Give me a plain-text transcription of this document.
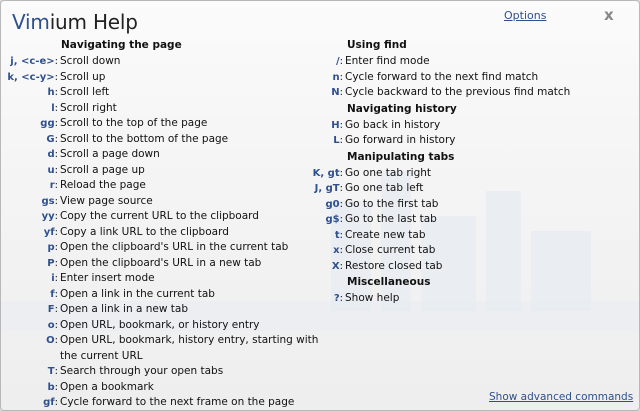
Vimium Help	Options	x
Navigating the page
j, <c-e>: Scroll down
k, <c-y>: Scroll up
h: Scroll left
l: Scroll right
gg: Scroll to the top of the page
G: Scroll to the bottom of the page
d: Scroll a page down
u: Scroll a page up
r: Reload the page
gs: View page source
yy: Copy the current URL to the clipboard
yf: Copy a link URL to the clipboard
p: Open the clipboard's URL in the current tab
P: Open the clipboard's URL in a new tab
i: Enter insert mode
f: Open a link in the current tab
F: Open a link in a new tab
o: Open URL, bookmark, or history entry
O: Open URL, bookmark, history entry, starting with the current URL
T: Search through your open tabs
b: Open a bookmark
gf: Cycle forward to the next frame on the page
Using find
/: Enter find mode
n: Cycle forward to the next find match
N: Cycle backward to the previous find match
Navigating history
H: Go back in history
L: Go forward in history
Manipulating tabs
K, gt: Go one tab right
J, gT: Go one tab left
g0: Go to the first tab
g$: Go to the last tab
t: Create new tab
x: Close current tab
X: Restore closed tab
Miscellaneous
?: Show help
Show advanced commands
